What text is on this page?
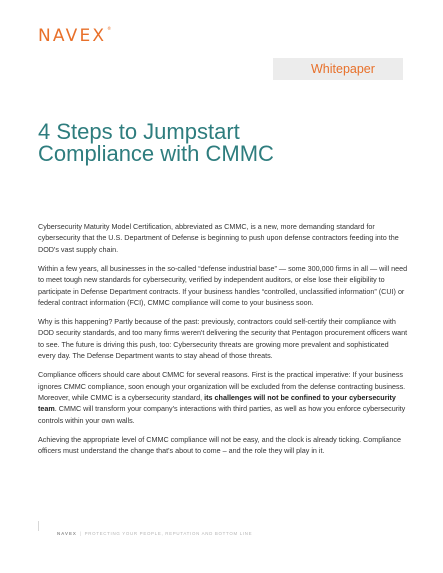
NAVEX®
Whitepaper
4 Steps to Jumpstart
Compliance with CMMC

Cybersecurity Maturity Model Certification, abbreviated as CMMC, is a new, more demanding standard for cybersecurity that the U.S. Department of Defense is beginning to push upon defense contractors feeding into the DOD's vast supply chain.

Within a few years, all businesses in the so-called “defense industrial base” — some 300,000 firms in all — will need to meet tough new standards for cybersecurity, verified by independent auditors, or else lose their eligibility to participate in Defense Department contracts. If your business handles “controlled, unclassified information” (CUI) or federal contract information (FCI), CMMC compliance will come to your business soon.

Why is this happening? Partly because of the past: previously, contractors could self-certify their compliance with DOD security standards, and too many firms weren't delivering the security that Pentagon procurement officers want to see. The future is driving this push, too: Cybersecurity threats are growing more prevalent and sophisticated every day. The Defense Department wants to stay ahead of those threats.

Compliance officers should care about CMMC for several reasons. First is the practical imperative: If your business ignores CMMC compliance, soon enough your organization will be excluded from the defense contracting business. Moreover, while CMMC is a cybersecurity standard, its challenges will not be confined to your cybersecurity team. CMMC will transform your company's interactions with third parties, as well as how you enforce cybersecurity controls within your own walls.

Achieving the appropriate level of CMMC compliance will not be easy, and the clock is already ticking. Compliance officers must understand the change that's about to come – and the role they will play in it.

NAVEX | PROTECTING YOUR PEOPLE, REPUTATION AND BOTTOM LINE
